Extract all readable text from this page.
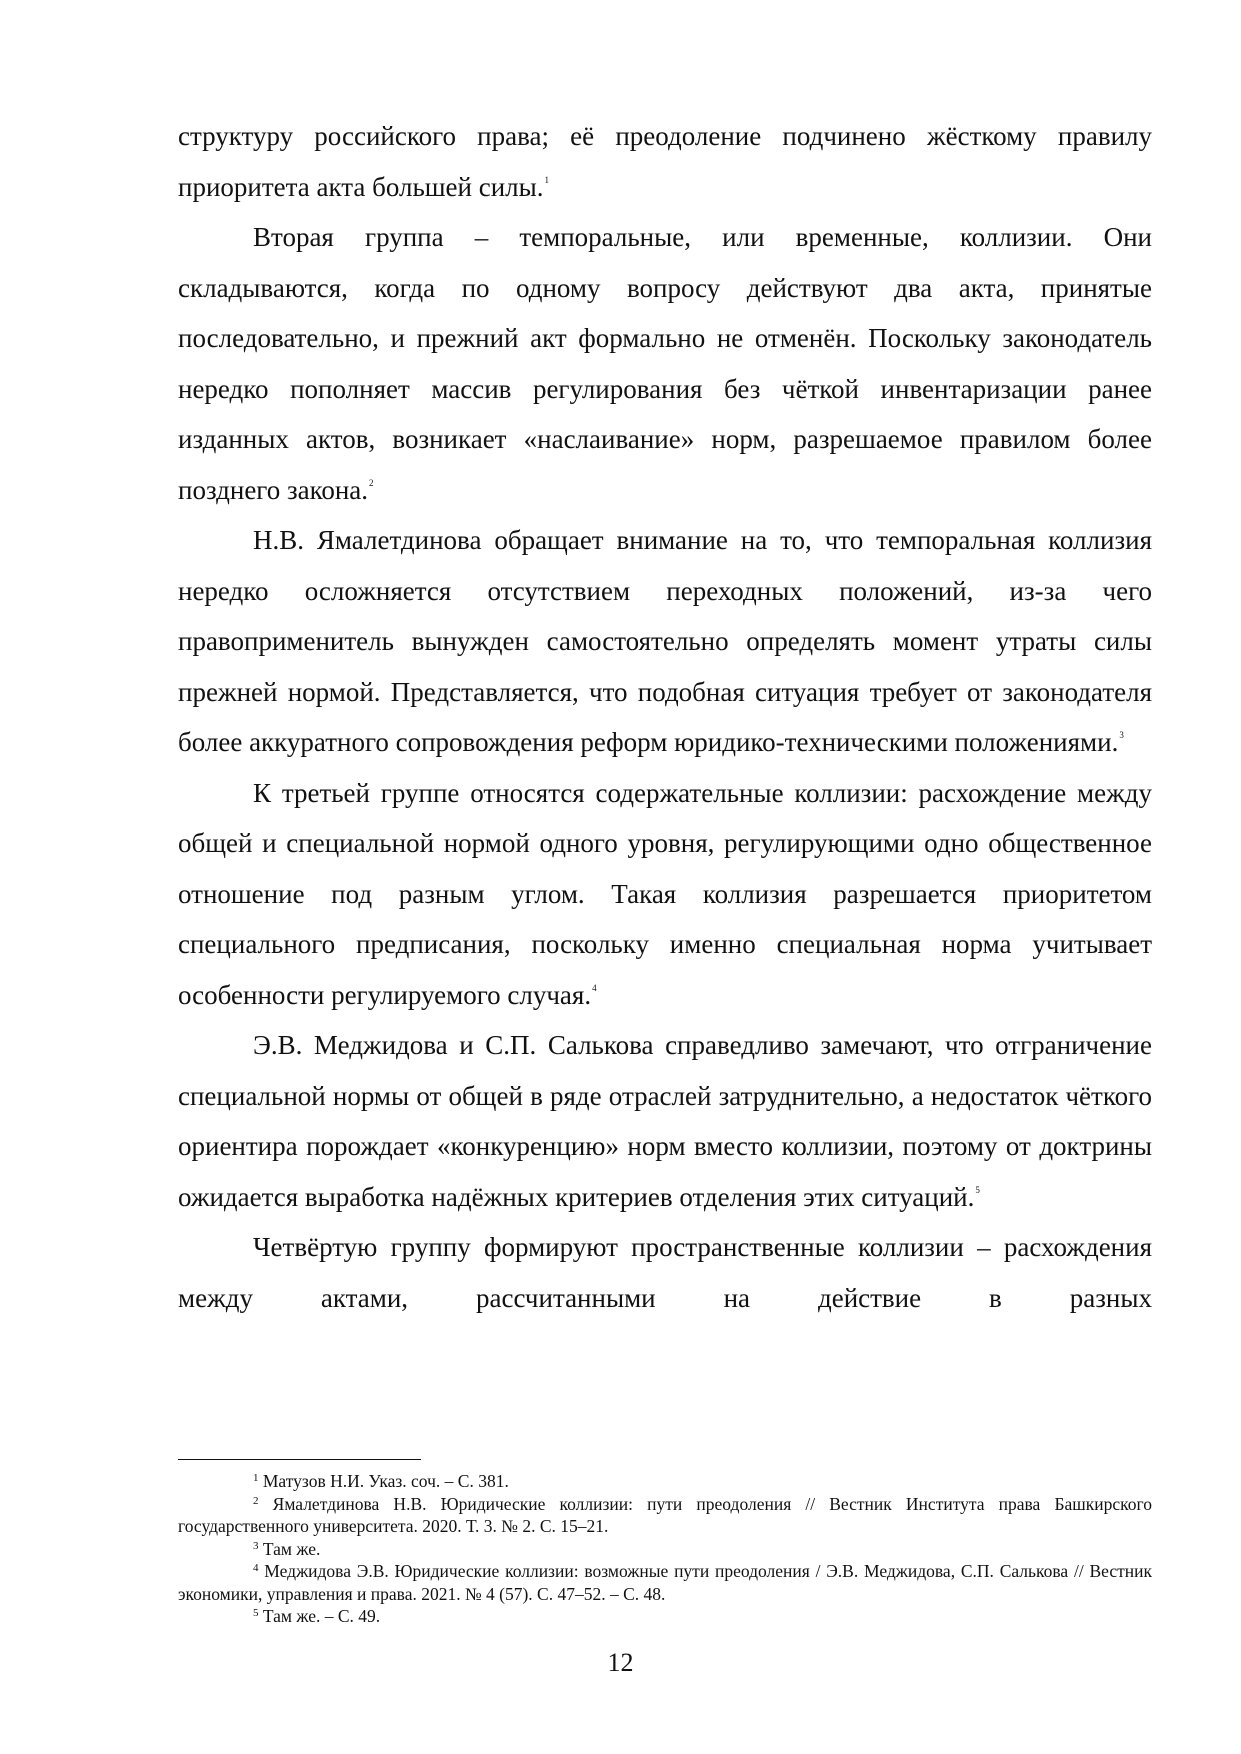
структуру российского права; её преодоление подчинено жёсткому правилу приоритета акта большей силы.$^1$

Вторая группа – темпоральные, или временные, коллизии. Они складываются, когда по одному вопросу действуют два акта, принятые последовательно, и прежний акт формально не отменён. Поскольку законодатель нередко пополняет массив регулирования без чёткой инвентаризации ранее изданных актов, возникает «наслаивание» норм, разрешаемое правилом более позднего закона.$^2$

Н.В. Ямалетдинова обращает внимание на то, что темпоральная коллизия нередко осложняется отсутствием переходных положений, из-за чего правоприменитель вынужден самостоятельно определять момент утраты силы прежней нормой. Представляется, что подобная ситуация требует от законодателя более аккуратного сопровождения реформ юридико-техническими положениями.$^3$

К третьей группе относятся содержательные коллизии: расхождение между общей и специальной нормой одного уровня, регулирующими одно общественное отношение под разным углом. Такая коллизия разрешается приоритетом специального предписания, поскольку именно специальная норма учитывает особенности регулируемого случая.$^4$

Э.В. Меджидова и С.П. Салькова справедливо замечают, что отграничение специальной нормы от общей в ряде отраслей затруднительно, а недостаток чёткого ориентира порождает «конкуренцию» норм вместо коллизии, поэтому от доктрины ожидается выработка надёжных критериев отделения этих ситуаций.$^5$

Четвёртую группу формируют пространственные коллизии – расхождения между актами, рассчитанными на действие в разных

$^1$ Матузов Н.И. Указ. соч. – С. 381.

$^2$ Ямалетдинова Н.В. Юридические коллизии: пути преодоления // Вестник Института права Башкирского государственного университета. 2020. Т. 3. № 2. С. 15–21.

$^3$ Там же.

$^4$ Меджидова Э.В. Юридические коллизии: возможные пути преодоления / Э.В. Меджидова, С.П. Салькова // Вестник экономики, управления и права. 2021. № 4 (57). С. 47–52. – С. 48.

$^5$ Там же. – С. 49.

12
